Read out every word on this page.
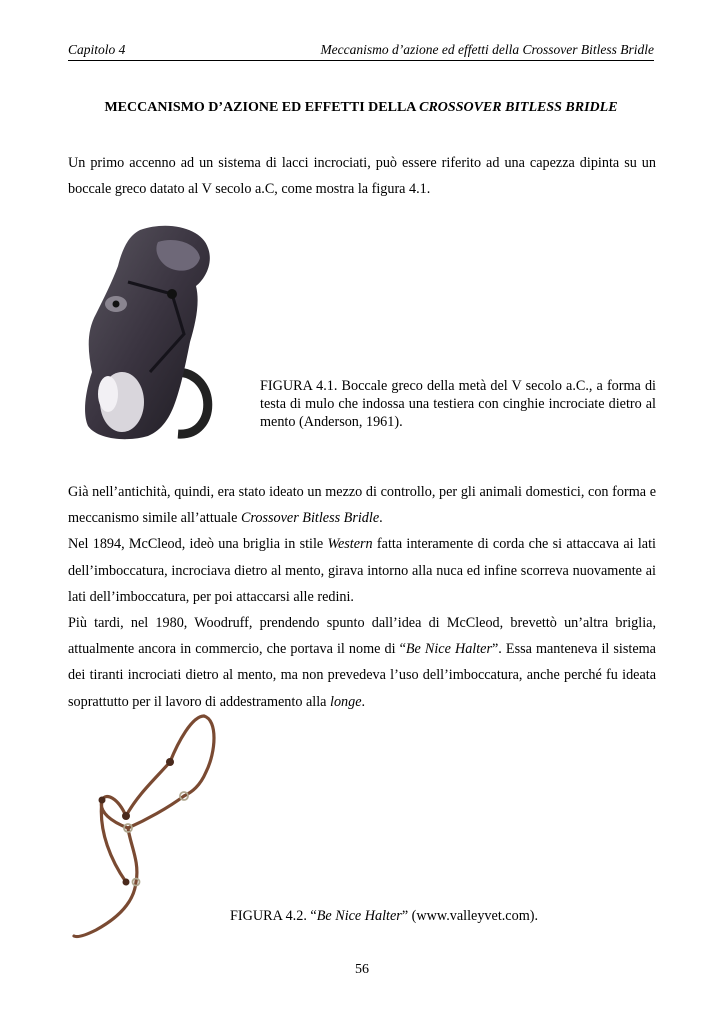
Capitolo 4	Meccanismo d’azione ed effetti della Crossover Bitless Bridle
MECCANISMO D’AZIONE ED EFFETTI DELLA CROSSOVER BITLESS BRIDLE

Un primo accenno ad un sistema di lacci incrociati, può essere riferito ad una capezza dipinta su un boccale greco datato al V secolo a.C, come mostra la figura 4.1.

FIGURA 4.1. Boccale greco della metà del V secolo a.C., a forma di testa di mulo che indossa una testiera con cinghie incrociate dietro al mento (Anderson, 1961).

Già nell’antichità, quindi, era stato ideato un mezzo di controllo, per gli animali domestici, con forma e meccanismo simile all’attuale Crossover Bitless Bridle.
Nel 1894, McCleod, ideò una briglia in stile Western fatta interamente di corda che si attaccava ai lati dell’imboccatura, incrociava dietro al mento, girava intorno alla nuca ed infine scorreva nuovamente ai lati dell’imboccatura, per poi attaccarsi alle redini.
Più tardi, nel 1980, Woodruff, prendendo spunto dall’idea di McCleod, brevettò un’altra briglia, attualmente ancora in commercio, che portava il nome di “Be Nice Halter”. Essa manteneva il sistema dei tiranti incrociati dietro al mento, ma non prevedeva l’uso dell’imboccatura, anche perché fu ideata soprattutto per il lavoro di addestramento alla longe.

FIGURA 4.2. “Be Nice Halter” (www.valleyvet.com).
56
